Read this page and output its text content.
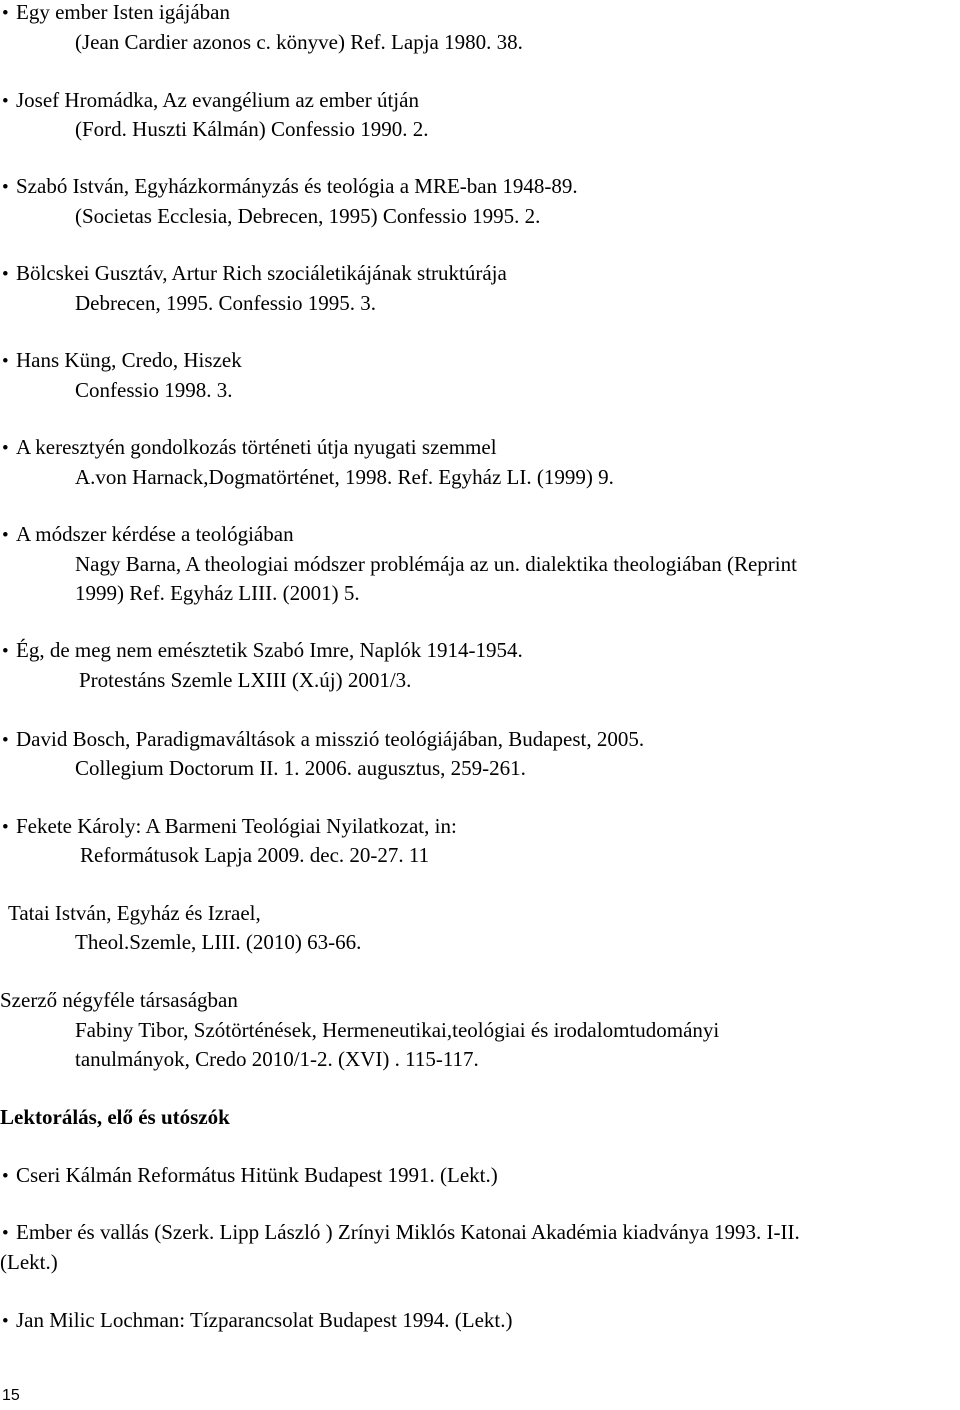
• Egy ember Isten igájában
(Jean Cardier azonos c. könyve) Ref. Lapja 1980. 38.
• Josef Hromádka, Az evangélium az ember útján
(Ford. Huszti Kálmán) Confessio 1990. 2.
• Szabó István, Egyházkormányzás és teológia a MRE-ban 1948-89.
(Societas Ecclesia, Debrecen, 1995) Confessio 1995. 2.
• Bölcskei Gusztáv, Artur Rich szociáletikájának struktúrája
Debrecen, 1995. Confessio 1995. 3.
• Hans Küng, Credo, Hiszek
Confessio 1998. 3.
• A keresztyén gondolkozás történeti útja nyugati szemmel
A.von Harnack,Dogmatörténet, 1998. Ref. Egyház LI. (1999) 9.
• A módszer kérdése a teológiában
Nagy Barna, A theologiai módszer problémája az un. dialektika theologiában (Reprint
1999) Ref. Egyház LIII. (2001) 5.
• Ég, de meg nem emésztetik Szabó Imre, Naplók 1914-1954.
Protestáns Szemle LXIII (X.új) 2001/3.
• David Bosch, Paradigmaváltások a misszió teológiájában, Budapest, 2005.
Collegium Doctorum II. 1. 2006. augusztus, 259-261.
• Fekete Károly: A Barmeni Teológiai Nyilatkozat, in:
Reformátusok Lapja 2009. dec. 20-27. 11
Tatai István, Egyház és Izrael,
Theol.Szemle, LIII. (2010) 63-66.
Szerző négyféle társaságban
Fabiny Tibor, Szótörténések, Hermeneutikai,teológiai és irodalomtudományi
tanulmányok, Credo 2010/1-2. (XVI) . 115-117.
Lektorálás, elő és utószók
• Cseri Kálmán Református Hitünk Budapest 1991. (Lekt.)
• Ember és vallás (Szerk. Lipp László ) Zrínyi Miklós Katonai Akadémia kiadványa 1993. I-II.
(Lekt.)
• Jan Milic Lochman: Tízparancsolat Budapest 1994. (Lekt.)
15
